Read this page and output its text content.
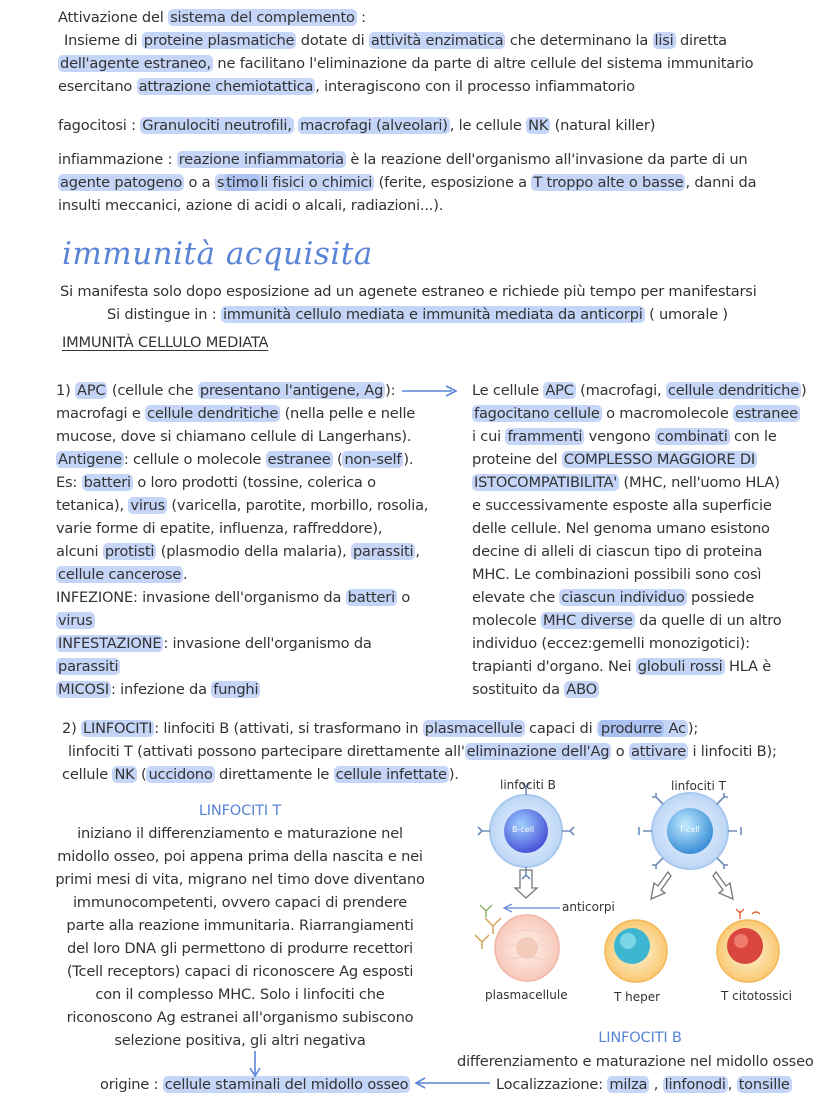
Attivazione del sistema del complemento :
Insieme di proteine plasmatiche dotate di attività enzimatica che determinano la lisi diretta
dell'agente estraneo, ne facilitano l'eliminazione da parte di altre cellule del sistema immunitario
esercitano attrazione chemiotattica , interagiscono con il processo infiammatorio
fagocitosi : Granulociti neutrofili, macrofagi (alveolari) , le cellule NK (natural killer)
infiammazione : reazione infiammatoria è la reazione dell'organismo all'invasione da parte di un
agente patogeno o a s timo li fisici o chimici (ferite, esposizione a T troppo alte o basse , danni da
insulti meccanici, azione di acidi o alcali, radiazioni...).
immunità acquisita
Si manifesta solo dopo esposizione ad un agenete estraneo e richiede più tempo per manifestarsi
Si distingue in : immunità cellulo mediata e immunità mediata da anticorpi ( umorale )
IMMUNITÀ CELLULO MEDIATA
1) APC (cellule che presentano l'antigene, Ag ):
macrofagi e cellule dendritiche (nella pelle e nelle
mucose, dove si chiamano cellule di Langerhans).
Antigene : cellule o molecole estranee ( non-self ).
Es: batteri o loro prodotti (tossine, colerica o
tetanica), virus (varicella, parotite, morbillo, rosolia,
varie forme di epatite, influenza, raffreddore),
alcuni protisti (plasmodio della malaria), parassiti ,
cellule cancerose .
INFEZIONE: invasione dell'organismo da batteri o
virus
INFESTAZIONE : invasione dell'organismo da
parassiti
MICOSI : infezione da funghi
Le cellule APC (macrofagi, cellule dendritiche )
fagocitano cellule o macromolecole estranee
i cui frammenti vengono combinati con le
proteine del COMPLESSO MAGGIORE DI
ISTOCOMPATIBILITA' (MHC, nell'uomo HLA)
e successivamente esposte alla superficie
delle cellule. Nel genoma umano esistono
decine di alleli di ciascun tipo di proteina
MHC. Le combinazioni possibili sono così
elevate che ciascun individuo possiede
molecole MHC diverse da quelle di un altro
individuo (eccez:gemelli monozigotici):
trapianti d'organo. Nei globuli rossi HLA è
sostituito da ABO
2) LINFOCITI : linfociti B (attivati, si trasformano in plasmacellule capaci di produrre Ac );
linfociti T (attivati possono partecipare direttamente all' eliminazione dell'Ag o attivare i linfociti B);
cellule NK ( uccidono direttamente le cellule infettate ).
LINFOCITI T
iniziano il differenziamento e maturazione nel
midollo osseo, poi appena prima della nascita e nei
primi mesi di vita, migrano nel timo dove diventano
immunocompetenti, ovvero capaci di prendere
parte alla reazione immunitaria. Riarrangiamenti
del loro DNA gli permettono di produrre recettori
(Tcell receptors) capaci di riconoscere Ag esposti
con il complesso MHC. Solo i linfociti che
riconoscono Ag estranei all'organismo subiscono
selezione positiva, gli altri negativa
origine : cellule staminali del midollo osseo
linfociti B	linfociti T
B-cell	T-cell
anticorpi
plasmacellule	T heper	T citotossici
LINFOCITI B
differenziamento e maturazione nel midollo osseo
Localizzazione: milza , linfonodi , tonsille
